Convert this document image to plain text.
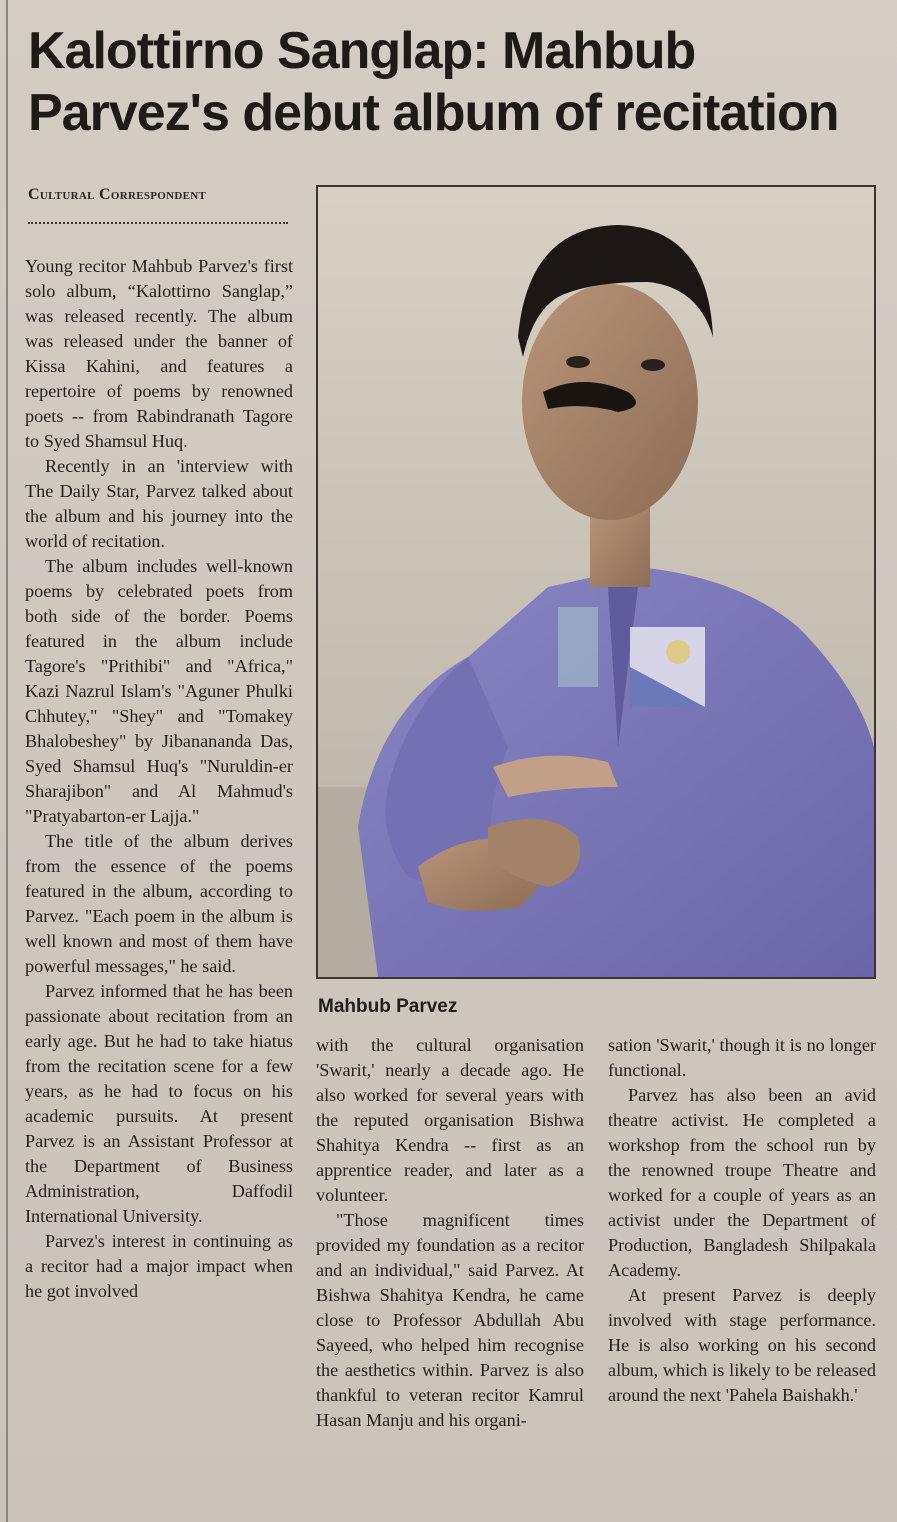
Kalottirno Sanglap: Mahbub Parvez's debut album of recitation
Cultural Correspondent

Young recitor Mahbub Parvez's first solo album, “Kalottirno Sanglap,” was released recently. The album was released under the banner of Kissa Kahini, and features a repertoire of poems by renowned poets -- from Rabindranath Tagore to Syed Shamsul Huq.

Recently in an 'interview with The Daily Star, Parvez talked about the album and his journey into the world of recitation.

The album includes well-known poems by celebrated poets from both side of the border. Poems featured in the album include Tagore's "Prithibi" and "Africa," Kazi Nazrul Islam's "Aguner Phulki Chhutey," "Shey" and "Tomakey Bhalobeshey" by Jibanananda Das, Syed Shamsul Huq's "Nuruldin-er Sharajibon" and Al Mahmud's "Pratyabarton-er Lajja."

The title of the album derives from the essence of the poems featured in the album, according to Parvez. "Each poem in the album is well known and most of them have powerful messages," he said.

Parvez informed that he has been passionate about recitation from an early age. But he had to take hiatus from the recitation scene for a few years, as he had to focus on his academic pursuits. At present Parvez is an Assistant Professor at the Department of Business Administration, Daffodil International University.

Parvez's interest in continuing as a recitor had a major impact when he got involved

Mahbub Parvez

with the cultural organisation 'Swarit,' nearly a decade ago. He also worked for several years with the reputed organisation Bishwa Shahitya Kendra -- first as an apprentice reader, and later as a volunteer.

"Those magnificent times provided my foundation as a recitor and an individual," said Parvez. At Bishwa Shahitya Kendra, he came close to Professor Abdullah Abu Sayeed, who helped him recognise the aesthetics within. Parvez is also thankful to veteran recitor Kamrul Hasan Manju and his organi-

sation 'Swarit,' though it is no longer functional.

Parvez has also been an avid theatre activist. He completed a workshop from the school run by the renowned troupe Theatre and worked for a couple of years as an activist under the Department of Production, Bangladesh Shilpakala Academy.

At present Parvez is deeply involved with stage performance. He is also working on his second album, which is likely to be released around the next 'Pahela Baishakh.'
